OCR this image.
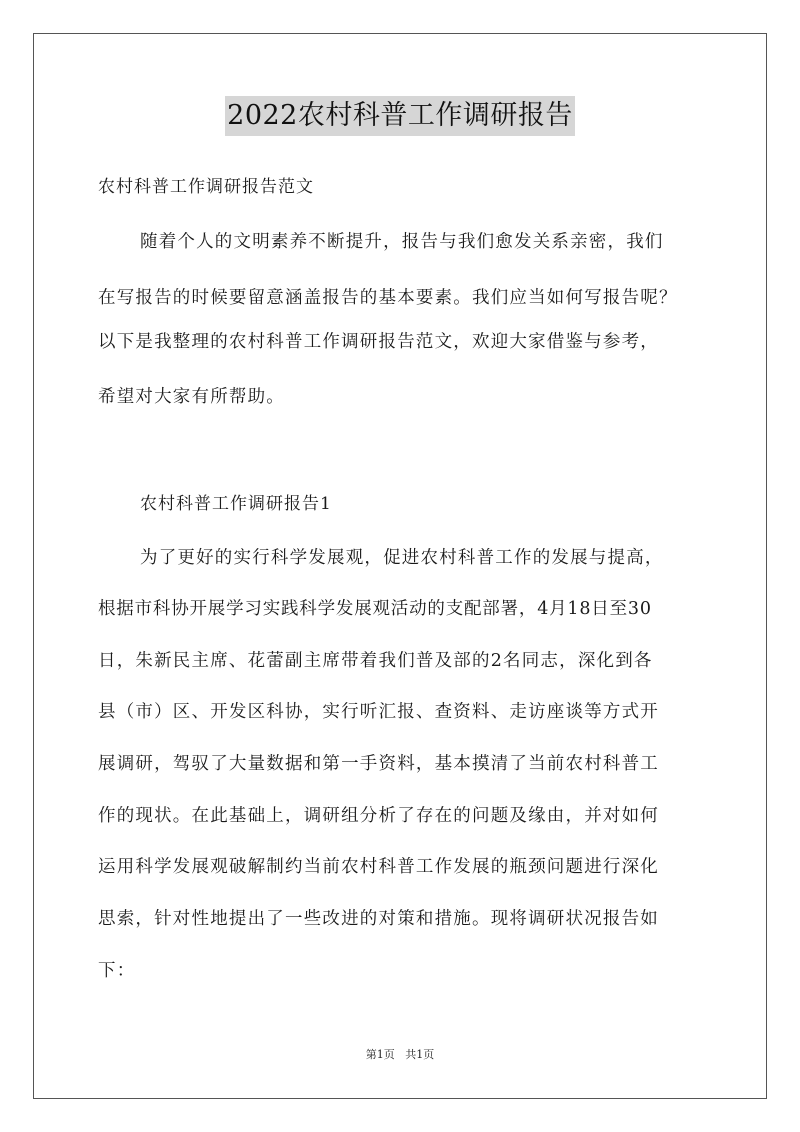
2022农村科普工作调研报告
农村科普工作调研报告范文
随着个人的文明素养不断提升，报告与我们愈发关系亲密，我们
在写报告的时候要留意涵盖报告的基本要素。我们应当如何写报告呢？
以下是我整理的农村科普工作调研报告范文，欢迎大家借鉴与参考，
希望对大家有所帮助。
农村科普工作调研报告1
为了更好的实行科学发展观，促进农村科普工作的发展与提高，
根据市科协开展学习实践科学发展观活动的支配部署，4月18日至30
日，朱新民主席、花蕾副主席带着我们普及部的2名同志，深化到各
县（市）区、开发区科协，实行听汇报、查资料、走访座谈等方式开
展调研，驾驭了大量数据和第一手资料，基本摸清了当前农村科普工
作的现状。在此基础上，调研组分析了存在的问题及缘由，并对如何
运用科学发展观破解制约当前农村科普工作发展的瓶颈问题进行深化
思索，针对性地提出了一些改进的对策和措施。现将调研状况报告如
下：
第1页   共1页
